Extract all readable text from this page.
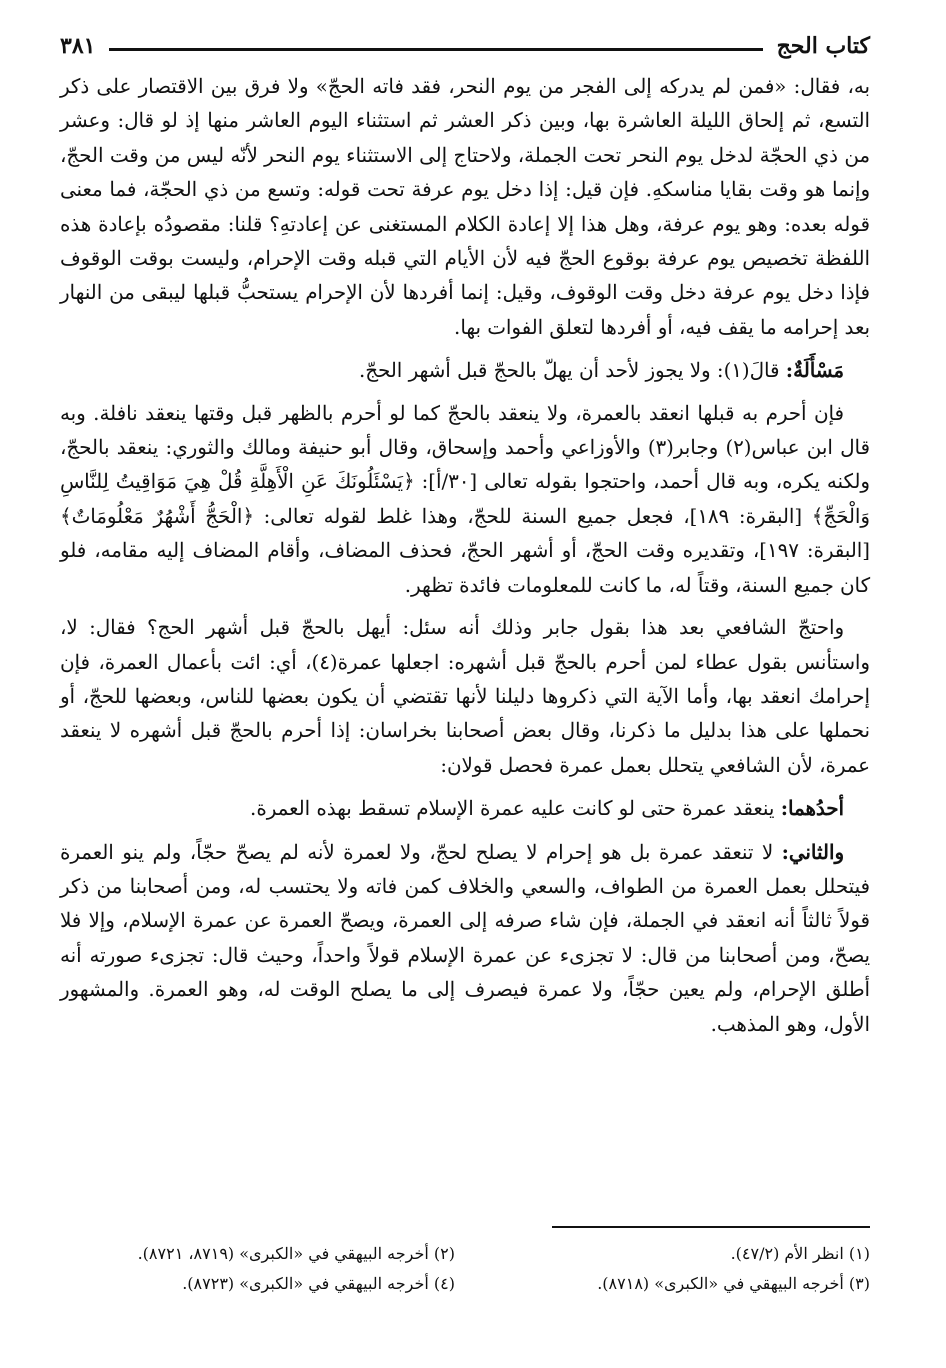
كتاب الحج
٣٨١

به، فقال: «فمن لم يدركه إلى الفجر من يوم النحر، فقد فاته الحجّ» ولا فرق بين الاقتصار على ذكر التسع، ثم إلحاق الليلة العاشرة بها، وبين ذكر العشر ثم استثناء اليوم العاشر منها إذ لو قال: وعشر من ذي الحجّة لدخل يوم النحر تحت الجملة، ولاحتاج إلى الاستثناء يوم النحر لأنّه ليس من وقت الحجّ، وإنما هو وقت بقايا مناسكهِ. فإن قيل: إذا دخل يوم عرفة تحت قوله: وتسع من ذي الحجّة، فما معنى قوله بعده: وهو يوم عرفة، وهل هذا إلا إعادة الكلام المستغنى عن إعادتهِ؟ قلنا: مقصودُه بإعادة هذه اللفظة تخصيص يوم عرفة بوقوع الحجّ فيه لأن الأيام التي قبله وقت الإحرام، وليست بوقت الوقوف فإذا دخل يوم عرفة دخل وقت الوقوف، وقيل: إنما أفردها لأن الإحرام يستحبُّ قبلها ليبقى من النهار بعد إحرامه ما يقف فيه، أو أفردها لتعلق الفوات بها.

مَسْأَلَةٌ: قالَ(١): ولا يجوز لأحد أن يهلّ بالحجّ قبل أشهر الحجّ.

فإن أحرم به قبلها انعقد بالعمرة، ولا ينعقد بالحجّ كما لو أحرم بالظهر قبل وقتها ينعقد نافلة. وبه قال ابن عباس(٢) وجابر(٣) والأوزاعي وأحمد وإسحاق، وقال أبو حنيفة ومالك والثوري: ينعقد بالحجّ، ولكنه يكره، وبه قال أحمد، واحتجوا بقوله تعالى [٣٠/أ]: ﴿يَسْئَلُونَكَ عَنِ الْأَهِلَّةِ قُلْ هِيَ مَوَاقِيتُ لِلنَّاسِ وَالْحَجِّ﴾ [البقرة: ١٨٩]، فجعل جميع السنة للحجّ، وهذا غلط لقوله تعالى: ﴿الْحَجُّ أَشْهُرٌ مَعْلُومَاتٌ﴾ [البقرة: ١٩٧]، وتقديره وقت الحجّ، أو أشهر الحجّ، فحذف المضاف، وأقام المضاف إليه مقامه، فلو كان جميع السنة، وقتاً له، ما كانت للمعلومات فائدة تظهر.

واحتجّ الشافعي بعد هذا بقول جابر وذلك أنه سئل: أيهل بالحجّ قبل أشهر الحج؟ فقال: لا، واستأنس بقول عطاء لمن أحرم بالحجّ قبل أشهره: اجعلها عمرة(٤)، أي: ائت بأعمال العمرة، فإن إحرامك انعقد بها، وأما الآية التي ذكروها دليلنا لأنها تقتضي أن يكون بعضها للناس، وبعضها للحجّ، أو نحملها على هذا بدليل ما ذكرنا، وقال بعض أصحابنا بخراسان: إذا أحرم بالحجّ قبل أشهره لا ينعقد عمرة، لأن الشافعي يتحلل بعمل عمرة فحصل قولان:

أحدُهما: ينعقد عمرة حتى لو كانت عليه عمرة الإسلام تسقط بهذه العمرة.

والثاني: لا تنعقد عمرة بل هو إحرام لا يصلح لحجّ، ولا لعمرة لأنه لم يصحّ حجّاً، ولم ينو العمرة فيتحلل بعمل العمرة من الطواف، والسعي والخلاف كمن فاته ولا يحتسب له، ومن أصحابنا من ذكر قولاً ثالثاً أنه انعقد في الجملة، فإن شاء صرفه إلى العمرة، ويصحّ العمرة عن عمرة الإسلام، وإلا فلا يصحّ، ومن أصحابنا من قال: لا تجزىء عن عمرة الإسلام قولاً واحداً، وحيث قال: تجزىء صورته أنه أطلق الإحرام، ولم يعين حجّاً، ولا عمرة فيصرف إلى ما يصلح الوقت له، وهو العمرة. والمشهور الأول، وهو المذهب.

(١) انظر الأم (٤٧/٢).
(٢) أخرجه البيهقي في «الكبرى» (٨٧١٩، ٨٧٢١).
(٣) أخرجه البيهقي في «الكبرى» (٨٧١٨).
(٤) أخرجه البيهقي في «الكبرى» (٨٧٢٣).
